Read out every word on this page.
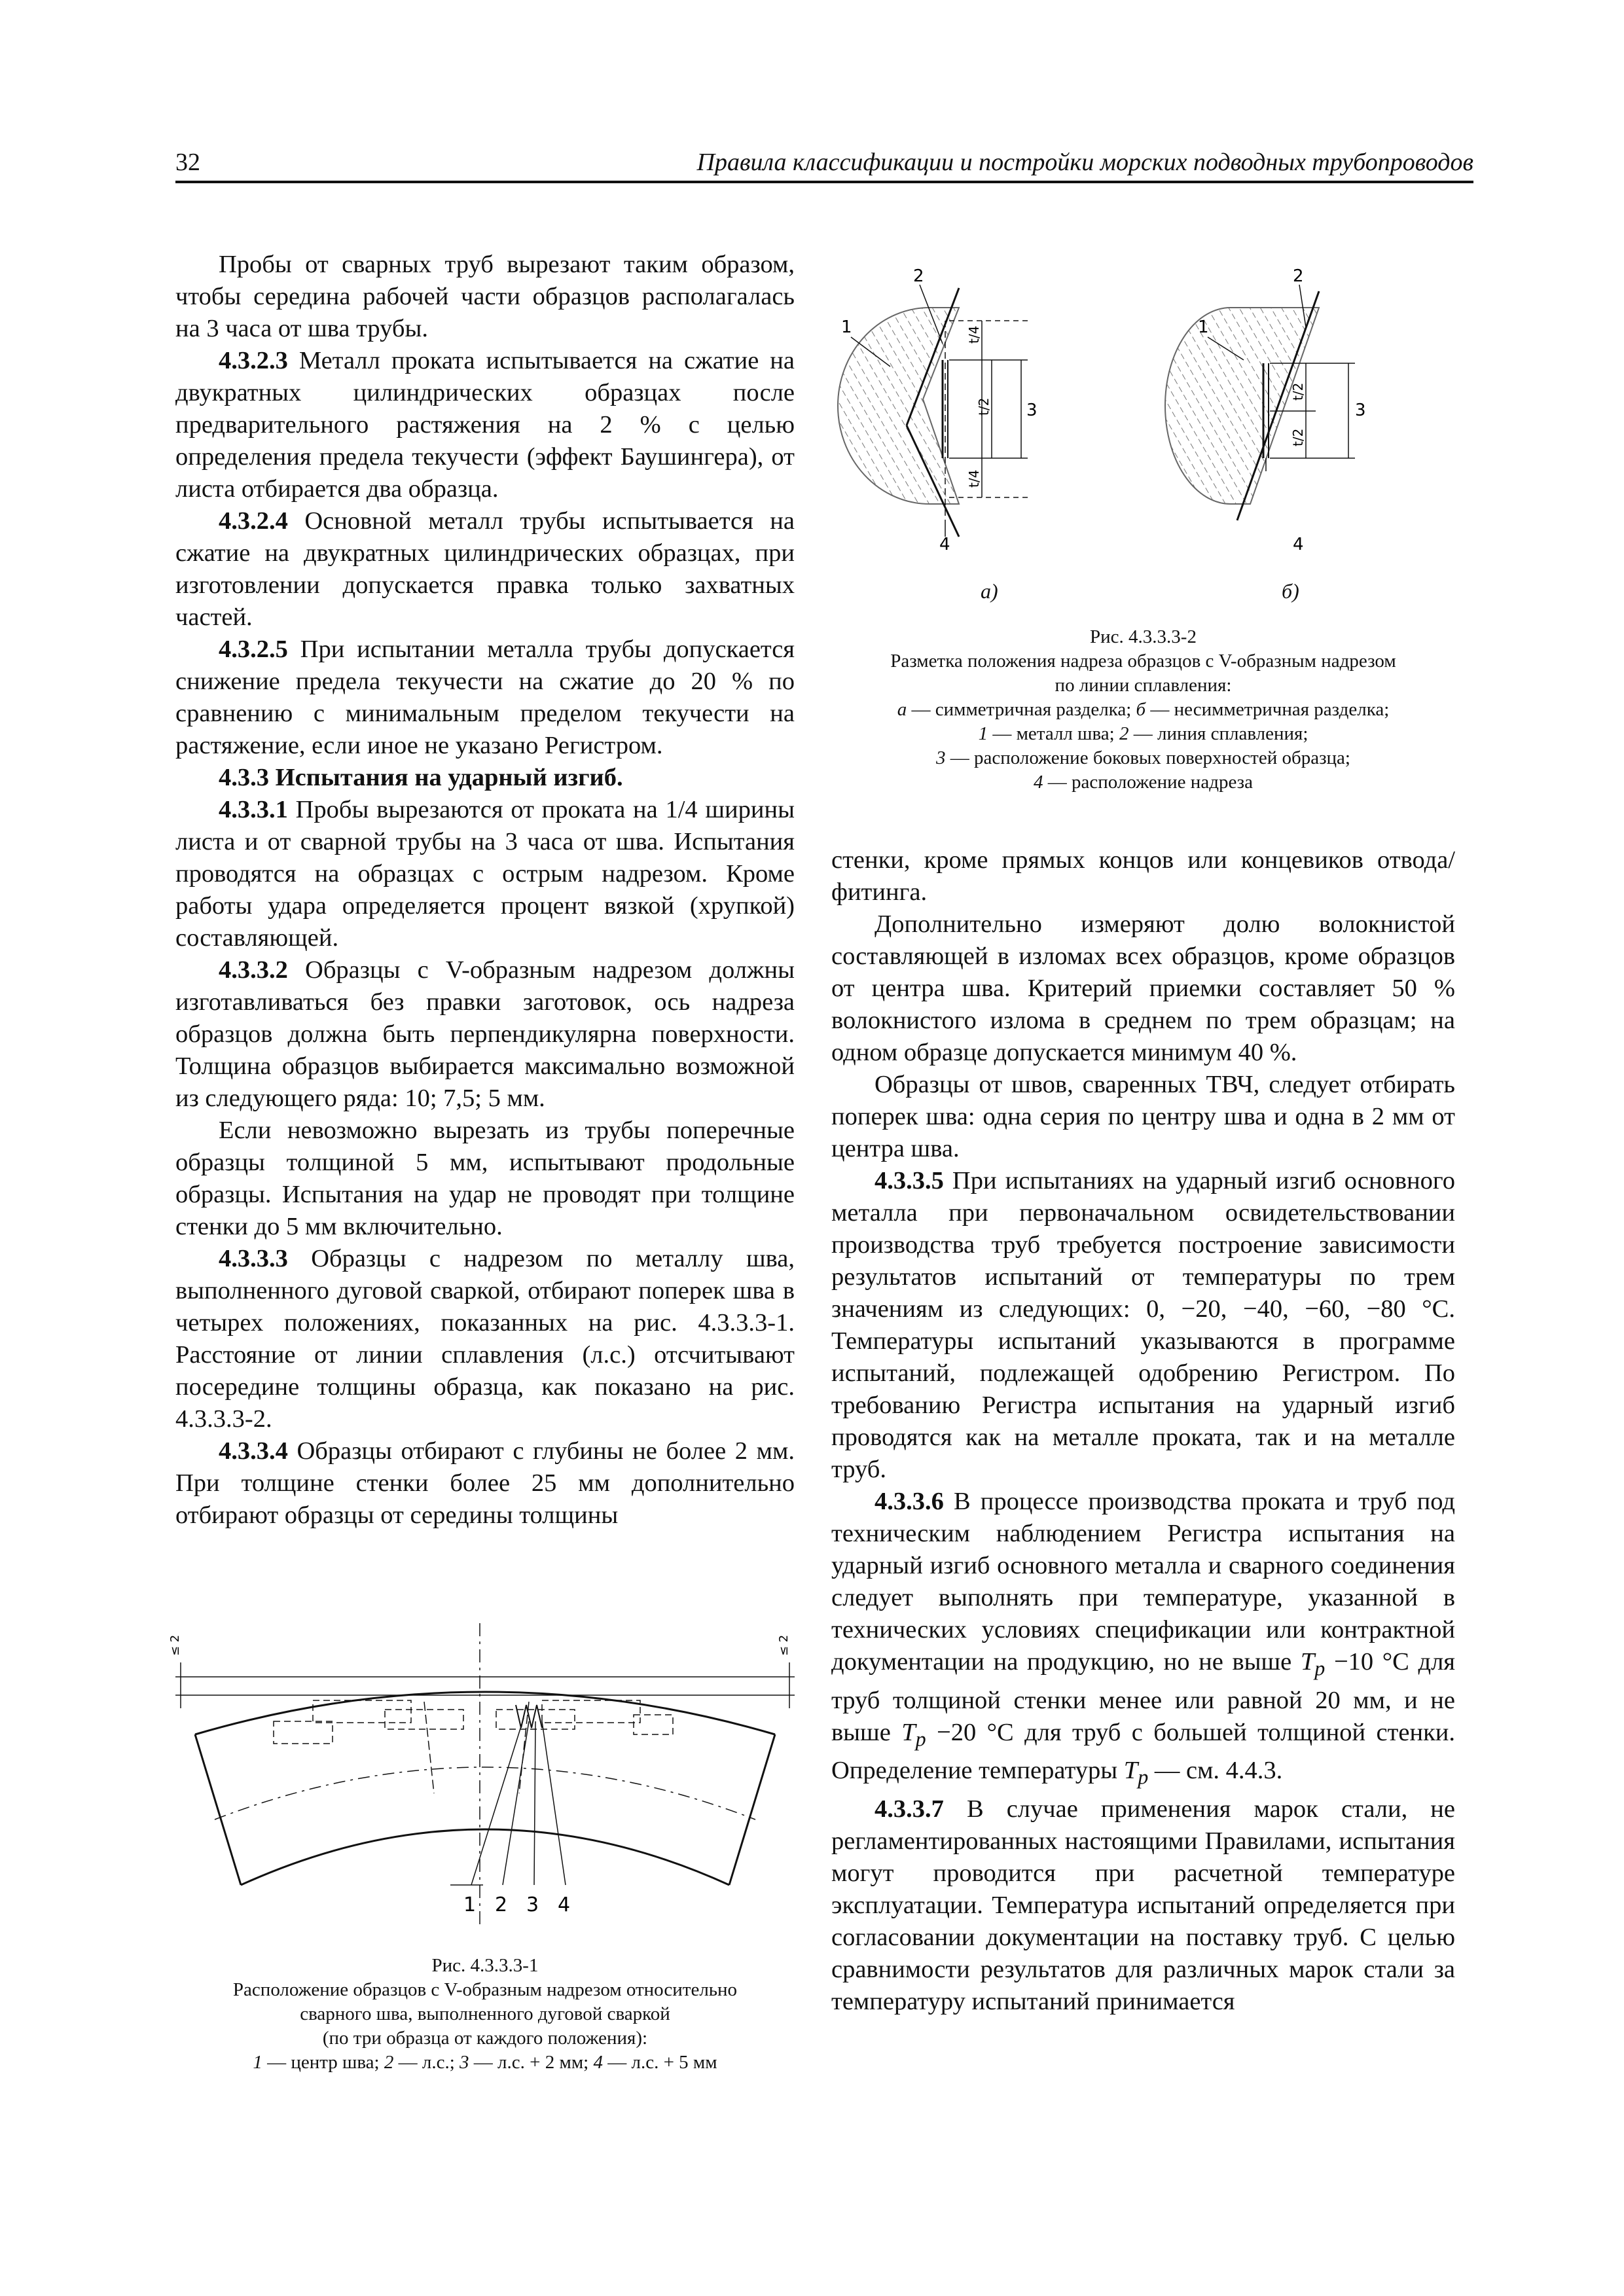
32	Правила классификации и постройки морских подводных трубопроводов

Пробы от сварных труб вырезают таким образом, чтобы середина рабочей части образцов располагалась на 3 часа от шва трубы.

4.3.2.3 Металл проката испытывается на сжатие на двукратных цилиндрических образцах после предварительного растяжения на 2 % с целью определения предела текучести (эффект Баушингера), от листа отбирается два образца.

4.3.2.4 Основной металл трубы испытывается на сжатие на двукратных цилиндрических образцах, при изготовлении допускается правка только захватных частей.

4.3.2.5 При испытании металла трубы допускается снижение предела текучести на сжатие до 20 % по сравнению с минимальным пределом текучести на растяжение, если иное не указано Регистром.

4.3.3 Испытания на ударный изгиб.

4.3.3.1 Пробы вырезаются от проката на 1/4 ширины листа и от сварной трубы на 3 часа от шва. Испытания проводятся на образцах с острым надрезом. Кроме работы удара определяется процент вязкой (хрупкой) составляющей.

4.3.3.2 Образцы с V-образным надрезом должны изготавливаться без правки заготовок, ось надреза образцов должна быть перпендикулярна поверхности. Толщина образцов выбирается максимально возможной из следующего ряда: 10; 7,5; 5 мм.

Если невозможно вырезать из трубы поперечные образцы толщиной 5 мм, испытывают продольные образцы. Испытания на удар не проводят при толщине стенки до 5 мм включительно.

4.3.3.3 Образцы с надрезом по металлу шва, выполненного дуговой сваркой, отбирают поперек шва в четырех положениях, показанных на рис. 4.3.3.3-1. Расстояние от линии сплавления (л.с.) отсчитывают посередине толщины образца, как показано на рис. 4.3.3.3-2.

4.3.3.4 Образцы отбирают с глубины не более 2 мм. При толщине стенки более 25 мм дополнительно отбирают образцы от середины толщины

стенки, кроме прямых концов или концевиков отвода/фитинга.

Дополнительно измеряют долю волокнистой составляющей в изломах всех образцов, кроме образцов от центра шва. Критерий приемки составляет 50 % волокнистого излома в среднем по трем образцам; на одном образце допускается минимум 40 %.

Образцы от швов, сваренных ТВЧ, следует отбирать поперек шва: одна серия по центру шва и одна в 2 мм от центра шва.

4.3.3.5 При испытаниях на ударный изгиб основного металла при первоначальном освидетельствовании производства труб требуется построение зависимости результатов испытаний от температуры по трем значениям из следующих: 0, −20, −40, −60, −80 °С. Температуры испытаний указываются в программе испытаний, подлежащей одобрению Регистром. По требованию Регистра испытания на ударный изгиб проводятся как на металле проката, так и на металле труб.

4.3.3.6 В процессе производства проката и труб под техническим наблюдением Регистра испытания на ударный изгиб основного металла и сварного соединения следует выполнять при температуре, указанной в технических условиях спецификации или контрактной документации на продукцию, но не выше $T_p -10$ °С для труб толщиной стенки менее или равной 20 мм, и не выше $T_p -20$ °С для труб с большей толщиной стенки. Определение температуры $T_p$ — см. 4.4.3.

4.3.3.7 В случае применения марок стали, не регламентированных настоящими Правилами, испытания могут проводится при расчетной температуре эксплуатации. Температура испытаний определяется при согласовании документации на поставку труб. С целью сравнимости результатов для различных марок стали за температуру испытаний принимается

t/4
t/2
t/4
3
2
1
4
t/2
t/2
3
2
1
4
а)	б)
Рис. 4.3.3.3-2
Разметка положения надреза образцов с V-образным надрезом
по линии сплавления:
а — симметричная разделка; б — несимметричная разделка;
1 — металл шва; 2 — линия сплавления;
3 — расположение боковых поверхностей образца;
4 — расположение надреза
≤ 2	≤ 2
1 2 3 4
Рис. 4.3.3.3-1
Расположение образцов с V-образным надрезом относительно
сварного шва, выполненного дуговой сваркой
(по три образца от каждого положения):
1 — центр шва; 2 — л.с.; 3 — л.с. + 2 мм; 4 — л.с. + 5 мм
